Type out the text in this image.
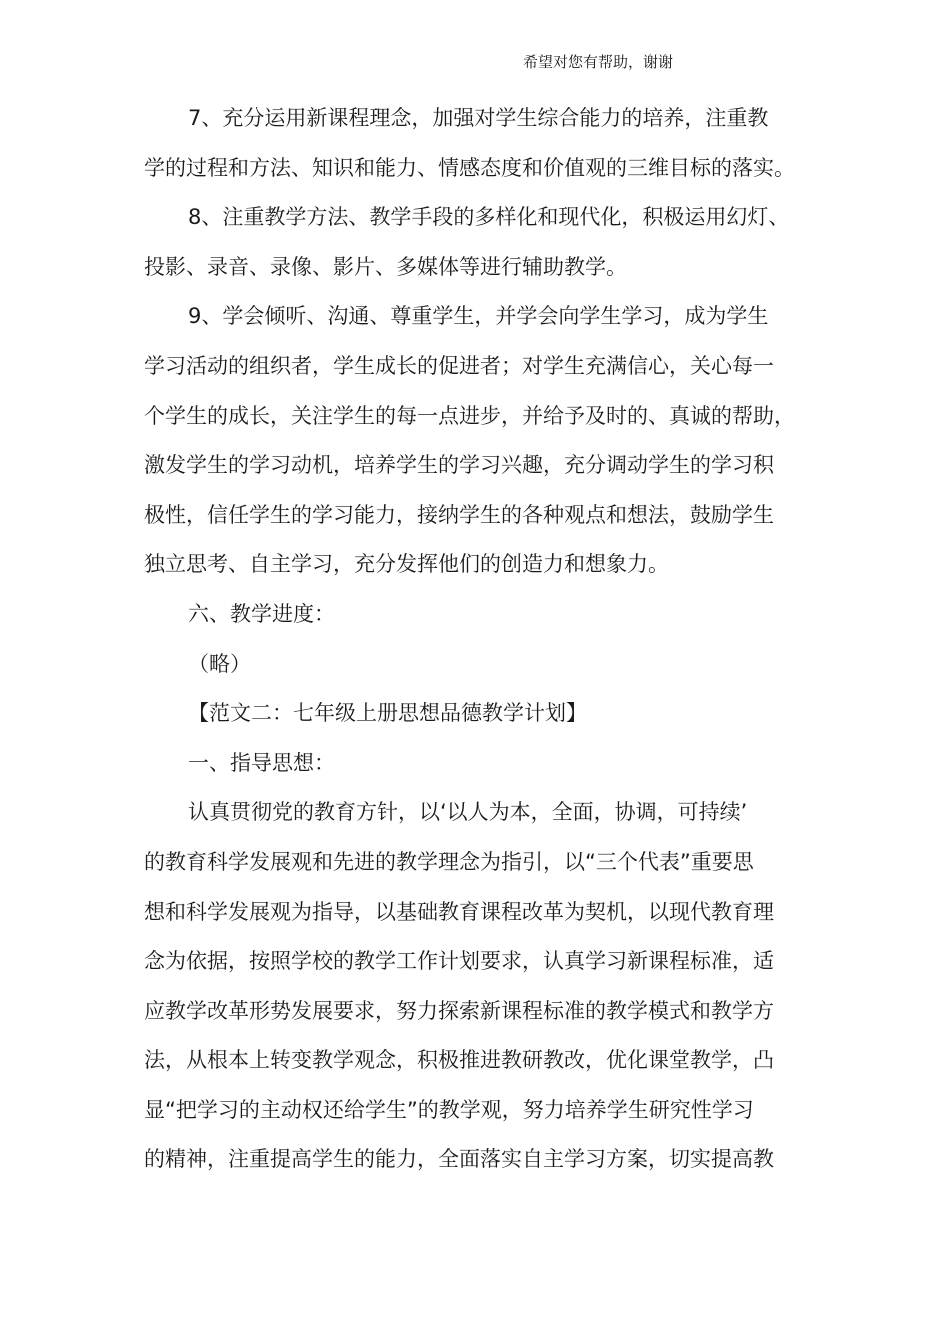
希望对您有帮助，谢谢
7、充分运用新课程理念，加强对学生综合能力的培养，注重教
学的过程和方法、知识和能力、情感态度和价值观的三维目标的落实。
8、注重教学方法、教学手段的多样化和现代化，积极运用幻灯、
投影、录音、录像、影片、多媒体等进行辅助教学。
9、学会倾听、沟通、尊重学生，并学会向学生学习，成为学生
学习活动的组织者，学生成长的促进者；对学生充满信心，关心每一
个学生的成长，关注学生的每一点进步，并给予及时的、真诚的帮助，
激发学生的学习动机，培养学生的学习兴趣，充分调动学生的学习积
极性，信任学生的学习能力，接纳学生的各种观点和想法，鼓励学生
独立思考、自主学习，充分发挥他们的创造力和想象力。
六、教学进度：
（略）
【范文二：七年级上册思想品德教学计划】
一、指导思想：
认真贯彻党的教育方针，以‘以人为本，全面，协调，可持续’
的教育科学发展观和先进的教学理念为指引，以“三个代表”重要思
想和科学发展观为指导，以基础教育课程改革为契机，以现代教育理
念为依据，按照学校的教学工作计划要求，认真学习新课程标准，适
应教学改革形势发展要求，努力探索新课程标准的教学模式和教学方
法，从根本上转变教学观念，积极推进教研教改，优化课堂教学，凸
显“把学习的主动权还给学生”的教学观，努力培养学生研究性学习
的精神，注重提高学生的能力，全面落实自主学习方案，切实提高教
